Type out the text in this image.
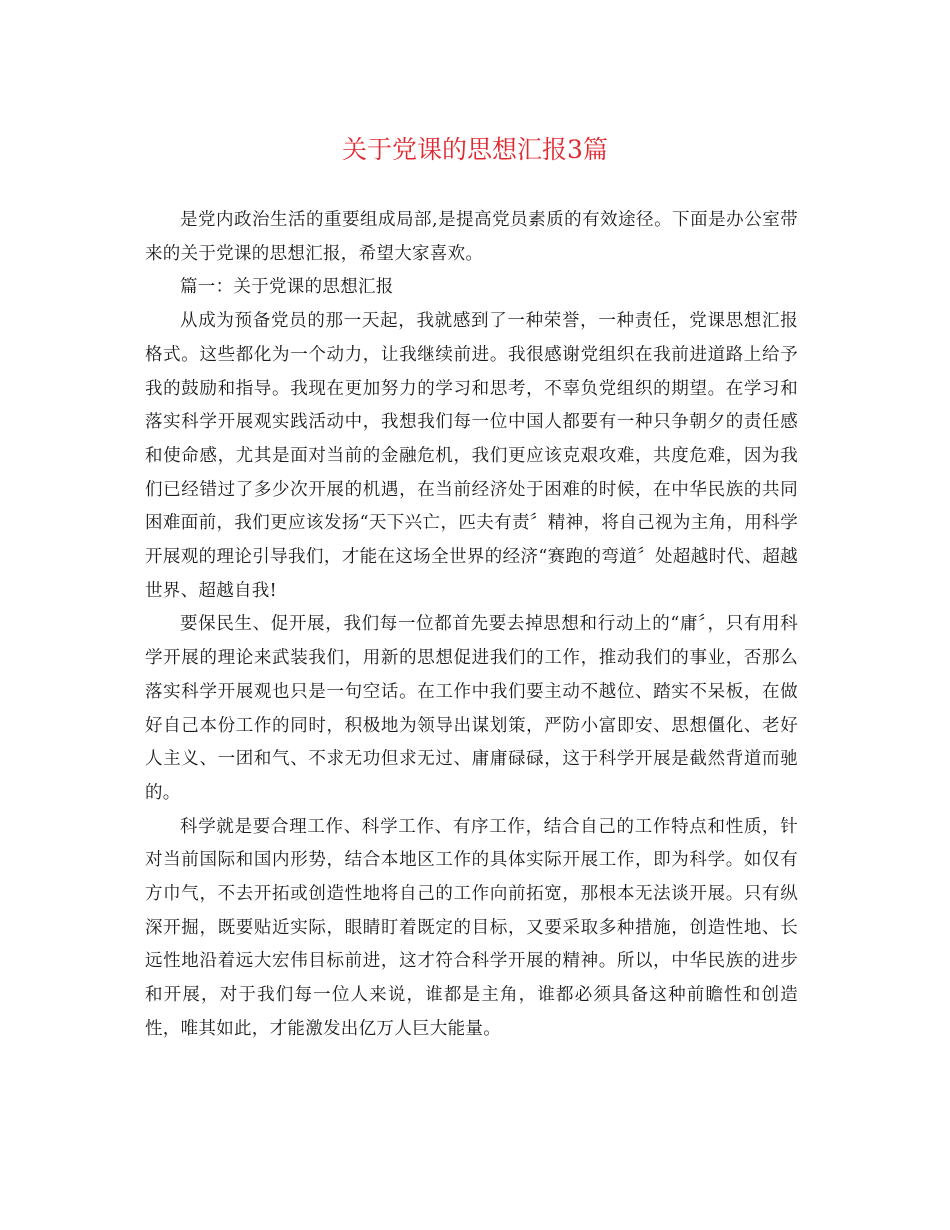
关于党课的思想汇报3篇

是党内政治生活的重要组成局部,是提高党员素质的有效途径。下面是办公室带来的关于党课的思想汇报，希望大家喜欢。

篇一：关于党课的思想汇报

从成为预备党员的那一天起，我就感到了一种荣誉，一种责任，党课思想汇报格式。这些都化为一个动力，让我继续前进。我很感谢党组织在我前进道路上给予我的鼓励和指导。我现在更加努力的学习和思考，不辜负党组织的期望。在学习和落实科学开展观实践活动中，我想我们每一位中国人都要有一种只争朝夕的责任感和使命感，尤其是面对当前的金融危机，我们更应该克艰攻难，共度危难，因为我们已经错过了多少次开展的机遇，在当前经济处于困难的时候，在中华民族的共同困难面前，我们更应该发扬“天下兴亡，匹夫有责〞精神，将自己视为主角，用科学开展观的理论引导我们，才能在这场全世界的经济“赛跑的弯道〞处超越时代、超越世界、超越自我!

要保民生、促开展，我们每一位都首先要去掉思想和行动上的“庸〞，只有用科学开展的理论来武装我们，用新的思想促进我们的工作，推动我们的事业，否那么落实科学开展观也只是一句空话。在工作中我们要主动不越位、踏实不呆板，在做好自己本份工作的同时，积极地为领导出谋划策，严防小富即安、思想僵化、老好人主义、一团和气、不求无功但求无过、庸庸碌碌，这于科学开展是截然背道而驰的。

科学就是要合理工作、科学工作、有序工作，结合自己的工作特点和性质，针对当前国际和国内形势，结合本地区工作的具体实际开展工作，即为科学。如仅有方巾气，不去开拓或创造性地将自己的工作向前拓宽，那根本无法谈开展。只有纵深开掘，既要贴近实际，眼睛盯着既定的目标，又要采取多种措施，创造性地、长远性地沿着远大宏伟目标前进，这才符合科学开展的精神。所以，中华民族的进步和开展，对于我们每一位人来说，谁都是主角，谁都必须具备这种前瞻性和创造性，唯其如此，才能激发出亿万人巨大能量。
